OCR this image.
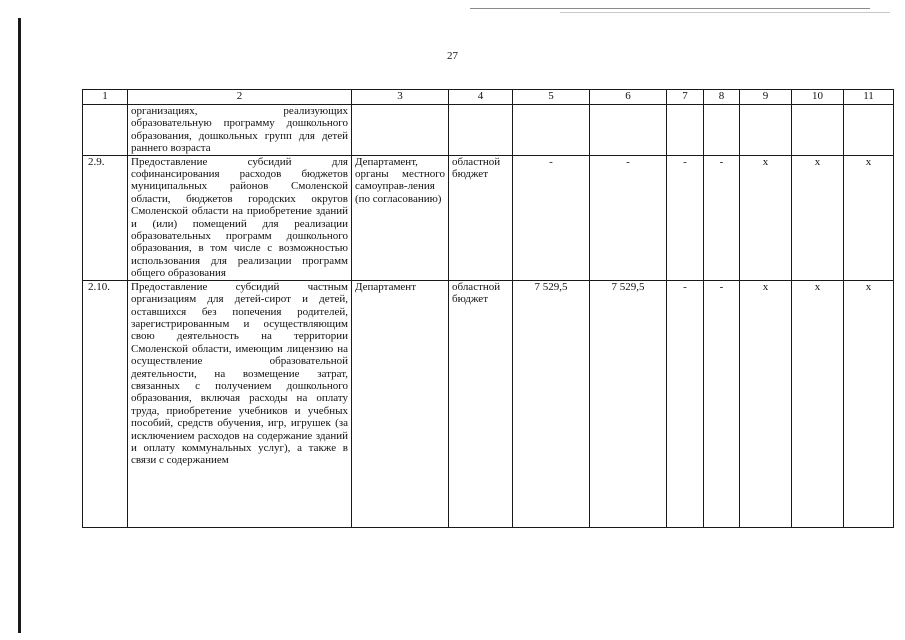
27
1	2	3	4	5	6	7	8	9	10	11
	организациях, реализующих образовательную программу дошкольного образования, дошкольных групп для детей раннего возраста									
2.9.	Предоставление субсидий для софинансирования расходов бюджетов муниципальных районов Смоленской области, бюджетов городских округов Смоленской области на приобретение зданий и (или) помещений для реализации образовательных программ дошкольного образования, в том числе с возможностью использования для реализации программ общего образования	Департамент, органы местного самоуправ-ления (по согласованию)	областной бюджет	-	-	-	-	х	х	х
2.10.	Предоставление субсидий частным организациям для детей-сирот и детей, оставшихся без попечения родителей, зарегистрированным и осуществляющим свою деятельность на территории Смоленской области, имеющим лицензию на осуществление образовательной деятельности, на возмещение затрат, связанных с получением дошкольного образования, включая расходы на оплату труда, приобретение учебников и учебных пособий, средств обучения, игр, игрушек (за исключением расходов на содержание зданий и оплату коммунальных услуг), а также в связи с содержанием	Департамент	областной бюджет	7 529,5	7 529,5	-	-	х	х	х
